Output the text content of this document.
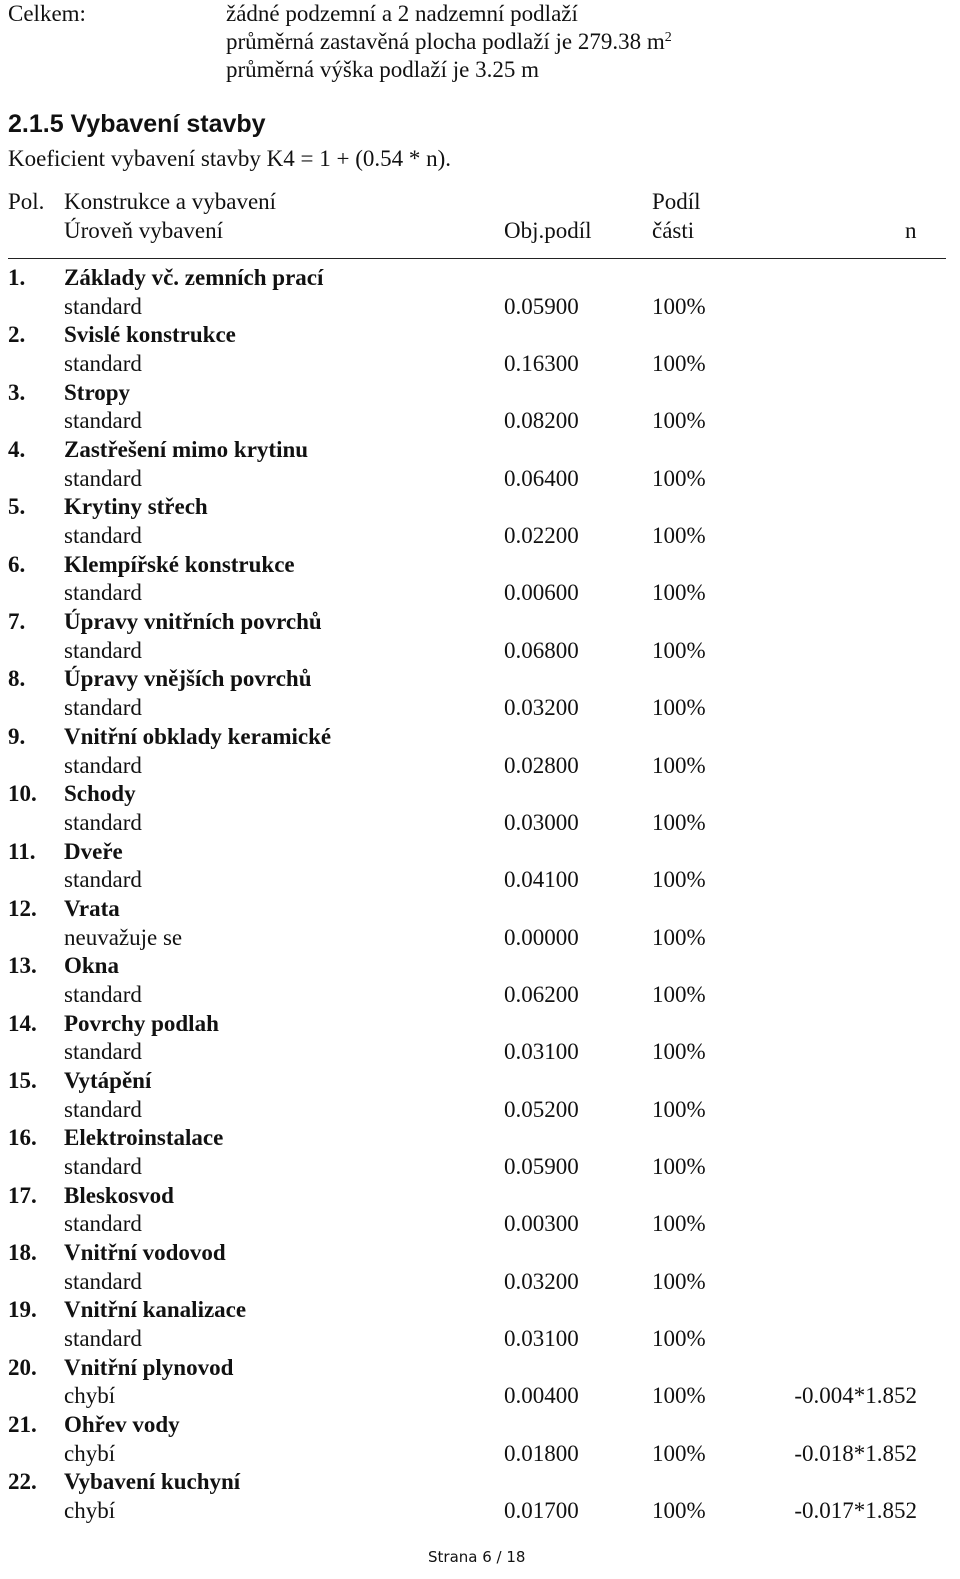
Celkem:	žádné podzemní a 2 nadzemní podlaží
průměrná zastavěná plocha podlaží je 279.38 $m^2$
průměrná výška podlaží je 3.25 m
2.1.5 Vybavení stavby
Koeficient vybavení stavby K4 = 1 + (0.54 * n).
Pol. Konstrukce a vybavení	Podíl
Úroveň vybavení	Obj.podíl	části	n
1. Základy vč. zemních prací
standard	0.05900	100%
2. Svislé konstrukce
standard	0.16300	100%
3. Stropy
standard	0.08200	100%
4. Zastřešení mimo krytinu
standard	0.06400	100%
5. Krytiny střech
standard	0.02200	100%
6. Klempířské konstrukce
standard	0.00600	100%
7. Úpravy vnitřních povrchů
standard	0.06800	100%
8. Úpravy vnějších povrchů
standard	0.03200	100%
9. Vnitřní obklady keramické
standard	0.02800	100%
10. Schody
standard	0.03000	100%
11. Dveře
standard	0.04100	100%
12. Vrata
neuvažuje se	0.00000	100%
13. Okna
standard	0.06200	100%
14. Povrchy podlah
standard	0.03100	100%
15. Vytápění
standard	0.05200	100%
16. Elektroinstalace
standard	0.05900	100%
17. Bleskosvod
standard	0.00300	100%
18. Vnitřní vodovod
standard	0.03200	100%
19. Vnitřní kanalizace
standard	0.03100	100%
20. Vnitřní plynovod
chybí	0.00400	100%	-0.004*1.852
21. Ohřev vody
chybí	0.01800	100%	-0.018*1.852
22. Vybavení kuchyní
chybí	0.01700	100%	-0.017*1.852
Strana 6 / 18
